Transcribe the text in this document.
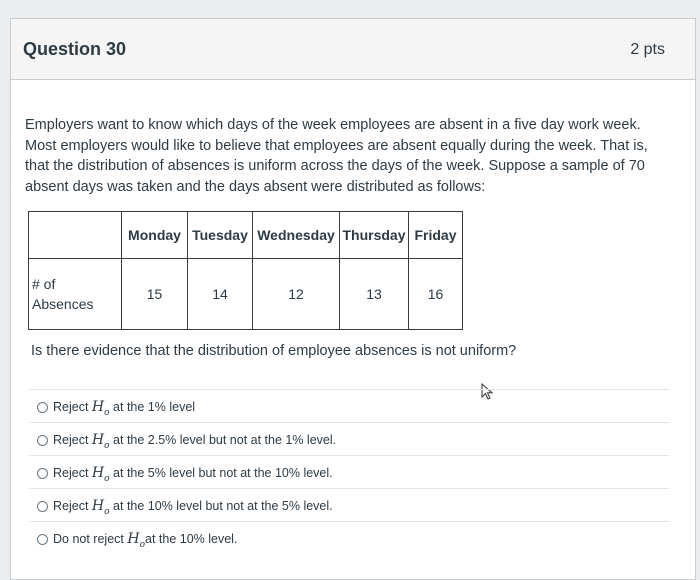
Question 30	2 pts
Employers want to know which days of the week employees are absent in a five day work week. Most employers would like to believe that employees are absent equally during the week. That is, that the distribution of absences is uniform across the days of the week. Suppose a sample of 70 absent days was taken and the days absent were distributed as follows:
	Monday	Tuesday	Wednesday	Thursday	Friday

# of
Absences	15	14	12	13	16
Is there evidence that the distribution of employee absences is not uniform?
Reject $H_o$ at the 1% level
Reject $H_o$ at the 2.5% level but not at the 1% level.
Reject $H_o$ at the 5% level but not at the 10% level.
Reject $H_o$ at the 10% level but not at the 5% level.
Do not reject $H_oat$ the 10% level.
